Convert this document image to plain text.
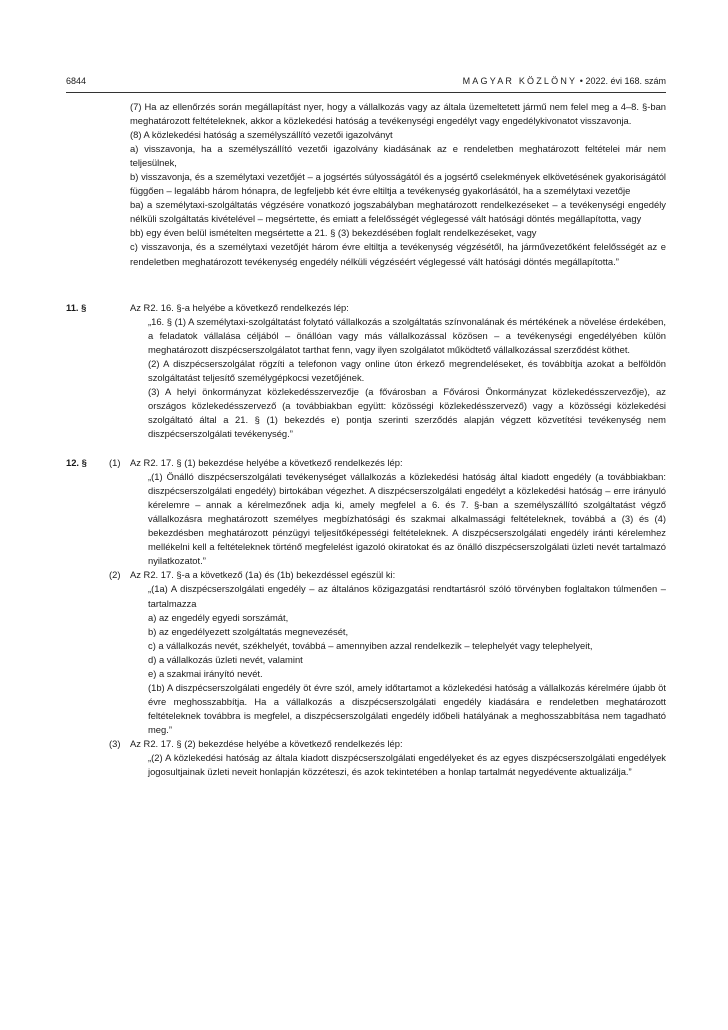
6844	MAGYAR KÖZLÖNY • 2022. évi 168. szám

(7) Ha az ellenőrzés során megállapítást nyer, hogy a vállalkozás vagy az általa üzemeltetett jármű nem felel meg a 4–8. §-ban meghatározott feltételeknek, akkor a közlekedési hatóság a tevékenységi engedélyt vagy engedélykivonatot visszavonja.

(8) A közlekedési hatóság a személyszállító vezetői igazolványt

a) visszavonja, ha a személyszállító vezetői igazolvány kiadásának az e rendeletben meghatározott feltételei már nem teljesülnek,

b) visszavonja, és a személytaxi vezetőjét – a jogsértés súlyosságától és a jogsértő cselekmények elkövetésének gyakoriságától függően – legalább három hónapra, de legfeljebb két évre eltiltja a tevékenység gyakorlásától, ha a személytaxi vezetője

ba) a személytaxi-szolgáltatás végzésére vonatkozó jogszabályban meghatározott rendelkezéseket – a tevékenységi engedély nélküli szolgáltatás kivételével – megsértette, és emiatt a felelősségét véglegessé vált hatósági döntés megállapította, vagy

bb) egy éven belül ismételten megsértette a 21. § (3) bekezdésében foglalt rendelkezéseket, vagy

c) visszavonja, és a személytaxi vezetőjét három évre eltiltja a tevékenység végzésétől, ha járművezetőként felelősségét az e rendeletben meghatározott tevékenység engedély nélküli végzéséért véglegessé vált hatósági döntés megállapította.”

11. §	Az R2. 16. §-a helyébe a következő rendelkezés lép:

„16. § (1) A személytaxi-szolgáltatást folytató vállalkozás a szolgáltatás színvonalának és mértékének a növelése érdekében, a feladatok vállalása céljából – önállóan vagy más vállalkozással közösen – a tevékenységi engedélyében külön meghatározott diszpécserszolgálatot tarthat fenn, vagy ilyen szolgálatot működtető vállalkozással szerződést köthet.

(2) A diszpécserszolgálat rögzíti a telefonon vagy online úton érkező megrendeléseket, és továbbítja azokat a belföldön szolgáltatást teljesítő személygépkocsi vezetőjének.

(3) A helyi önkormányzat közlekedésszervezője (a fővárosban a Fővárosi Önkormányzat közlekedésszervezője), az országos közlekedésszervező (a továbbiakban együtt: közösségi közlekedésszervező) vagy a közösségi közlekedési szolgáltató által a 21. § (1) bekezdés e) pontja szerinti szerződés alapján végzett közvetítési tevékenység nem diszpécserszolgálati tevékenység.”

12. § (1) Az R2. 17. § (1) bekezdése helyébe a következő rendelkezés lép:

„(1) Önálló diszpécserszolgálati tevékenységet vállalkozás a közlekedési hatóság által kiadott engedély (a továbbiakban: diszpécserszolgálati engedély) birtokában végezhet. A diszpécserszolgálati engedélyt a közlekedési hatóság – erre irányuló kérelemre – annak a kérelmezőnek adja ki, amely megfelel a 6. és 7. §-ban a személyszállító szolgáltatást végző vállalkozásra meghatározott személyes megbízhatósági és szakmai alkalmassági feltételeknek, továbbá a (3) és (4) bekezdésben meghatározott pénzügyi teljesítőképességi feltételeknek. A diszpécserszolgálati engedély iránti kérelemhez mellékelni kell a feltételeknek történő megfelelést igazoló okiratokat és az önálló diszpécserszolgálati üzleti nevét tartalmazó nyilatkozatot.”

(2) Az R2. 17. §-a a következő (1a) és (1b) bekezdéssel egészül ki:

„(1a) A diszpécserszolgálati engedély – az általános közigazgatási rendtartásról szóló törvényben foglaltakon túlmenően – tartalmazza

a) az engedély egyedi sorszámát,

b) az engedélyezett szolgáltatás megnevezését,

c) a vállalkozás nevét, székhelyét, továbbá – amennyiben azzal rendelkezik – telephelyét vagy telephelyeit,

d) a vállalkozás üzleti nevét, valamint

e) a szakmai irányító nevét.

(1b) A diszpécserszolgálati engedély öt évre szól, amely időtartamot a közlekedési hatóság a vállalkozás kérelmére újabb öt évre meghosszabbítja. Ha a vállalkozás a diszpécserszolgálati engedély kiadására e rendeletben meghatározott feltételeknek továbbra is megfelel, a diszpécserszolgálati engedély időbeli hatályának a meghosszabbítása nem tagadható meg.”

(3) Az R2. 17. § (2) bekezdése helyébe a következő rendelkezés lép:

„(2) A közlekedési hatóság az általa kiadott diszpécserszolgálati engedélyeket és az egyes diszpécserszolgálati engedélyek jogosultjainak üzleti neveit honlapján közzéteszi, és azok tekintetében a honlap tartalmát negyedévente aktualizálja.”
